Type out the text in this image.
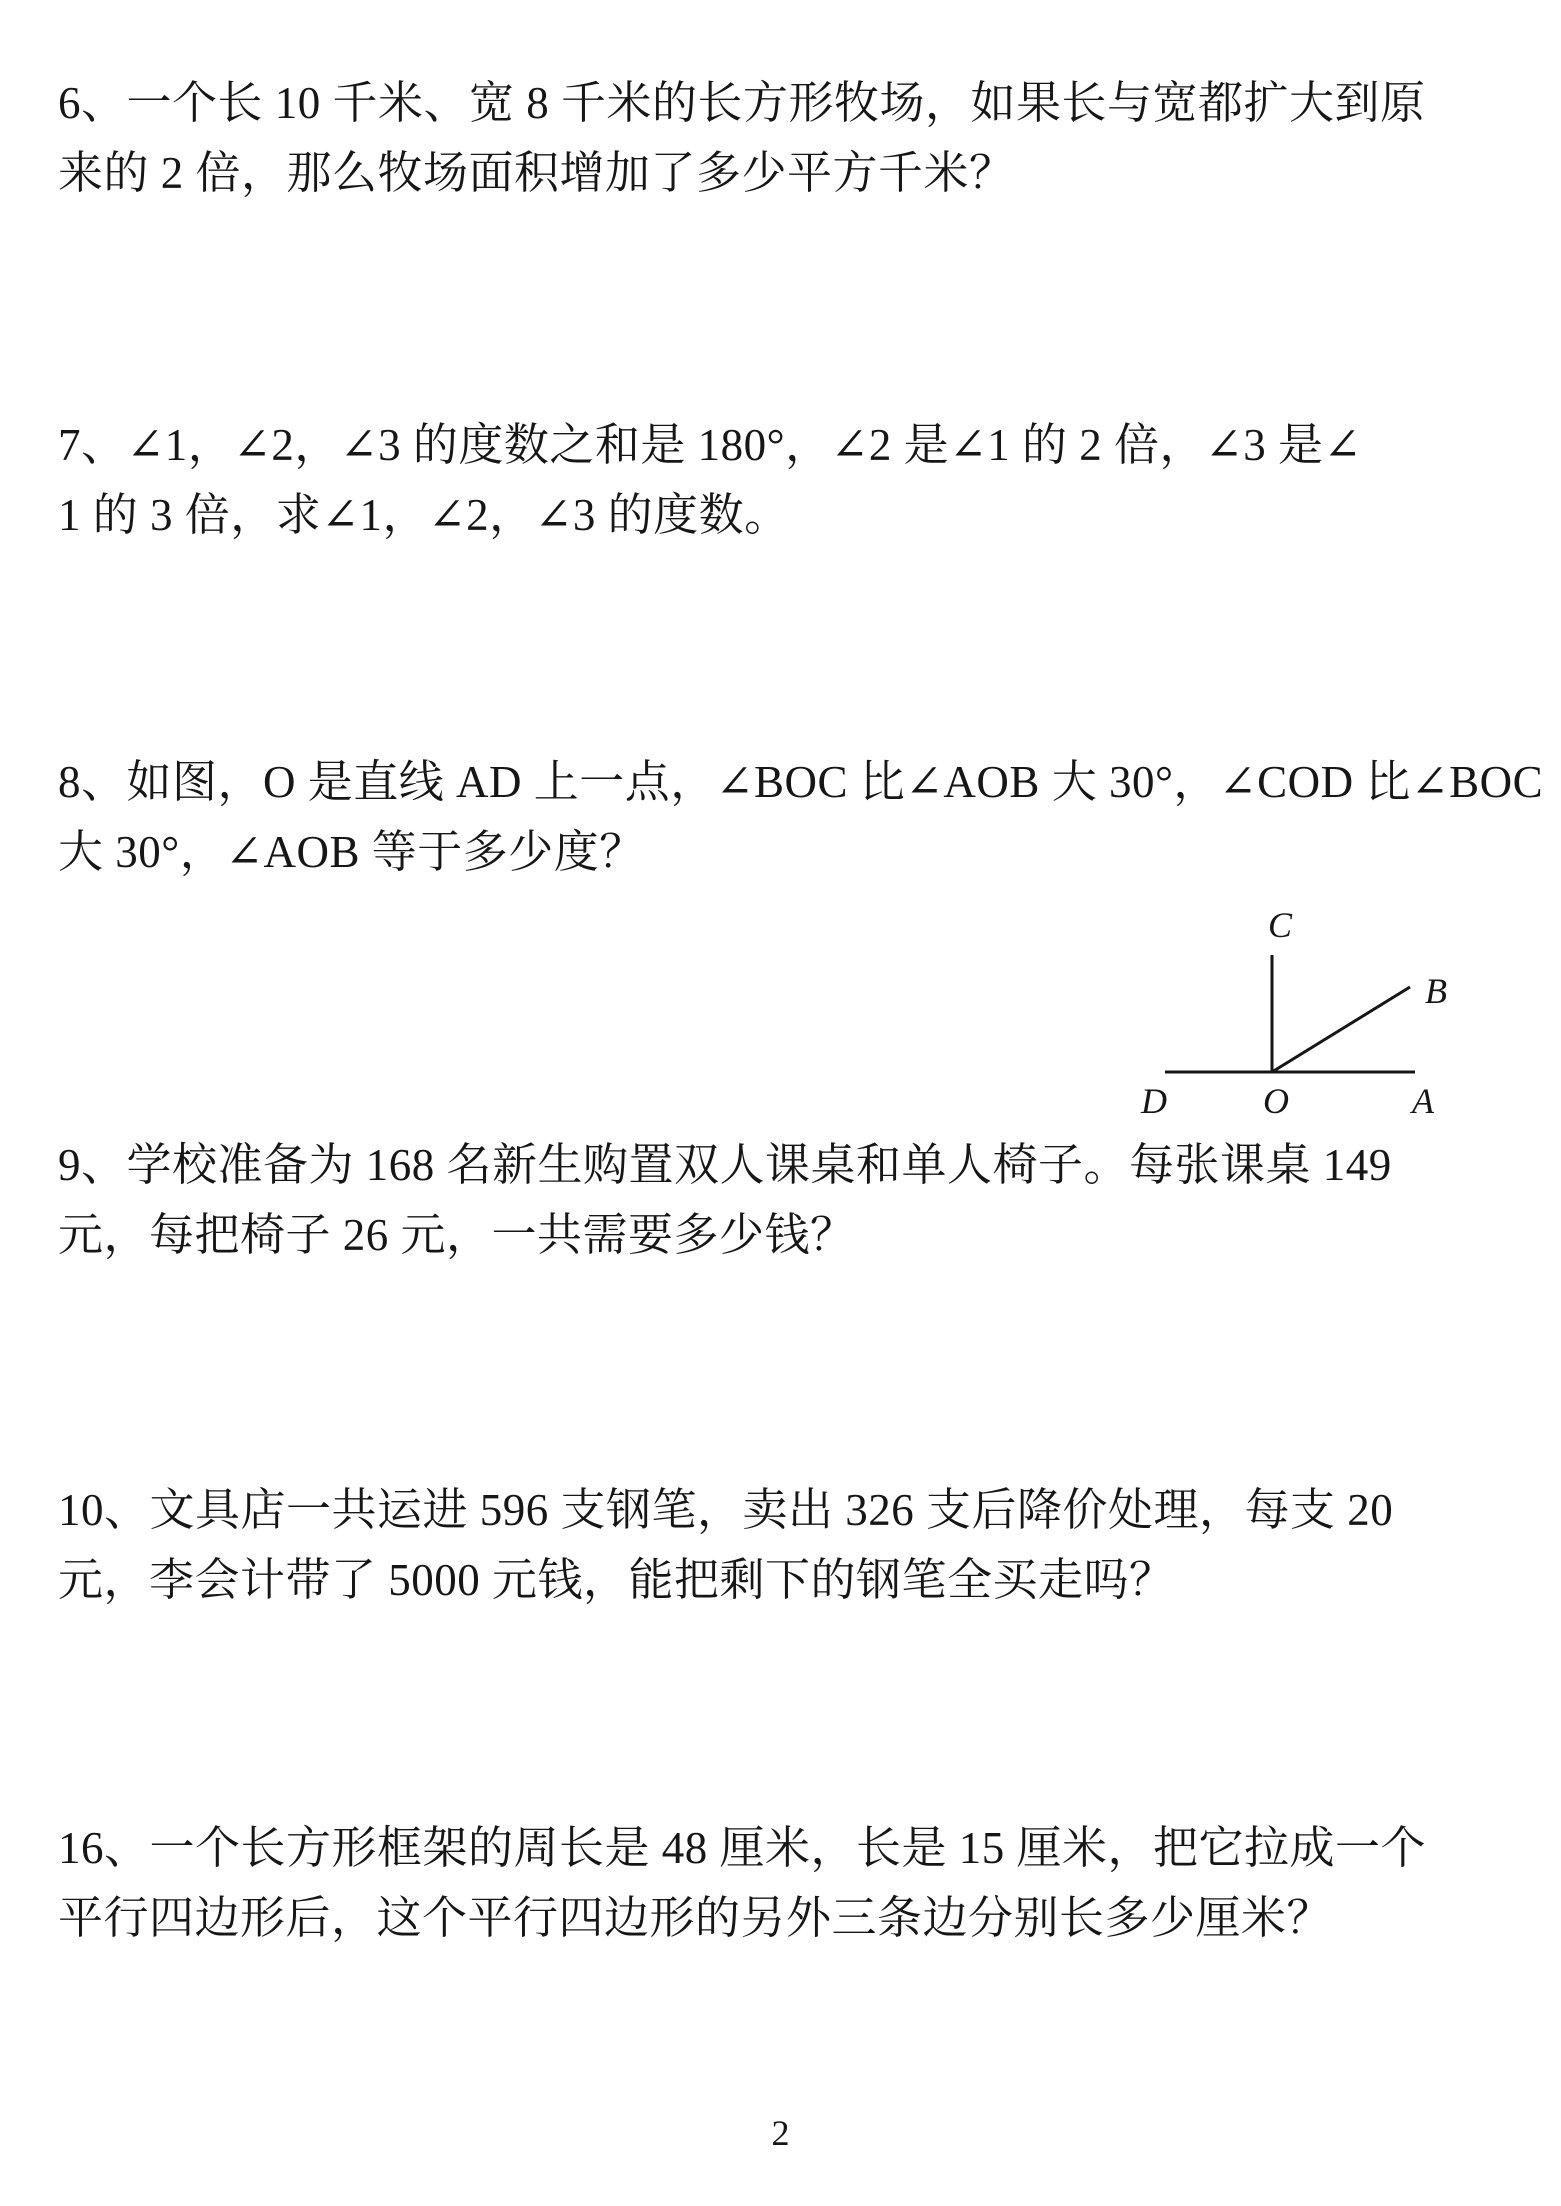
6、一个长 10 千米、宽 8 千米的长方形牧场，如果长与宽都扩大到原
来的 2 倍，那么牧场面积增加了多少平方千米？
7、∠1，∠2，∠3 的度数之和是 180°，∠2 是∠1 的 2 倍，∠3 是∠
1 的 3 倍，求∠1，∠2，∠3 的度数。
8、如图，O 是直线 AD 上一点，∠BOC 比∠AOB 大 30°，∠COD 比∠BOC
大 30°，∠AOB 等于多少度？
C
B
D	O	A
9、学校准备为 168 名新生购置双人课桌和单人椅子。每张课桌 149
元，每把椅子 26 元，一共需要多少钱？
10、文具店一共运进 596 支钢笔，卖出 326 支后降价处理，每支 20
元，李会计带了 5000 元钱，能把剩下的钢笔全买走吗？
16、一个长方形框架的周长是 48 厘米，长是 15 厘米，把它拉成一个
平行四边形后，这个平行四边形的另外三条边分别长多少厘米？
2
